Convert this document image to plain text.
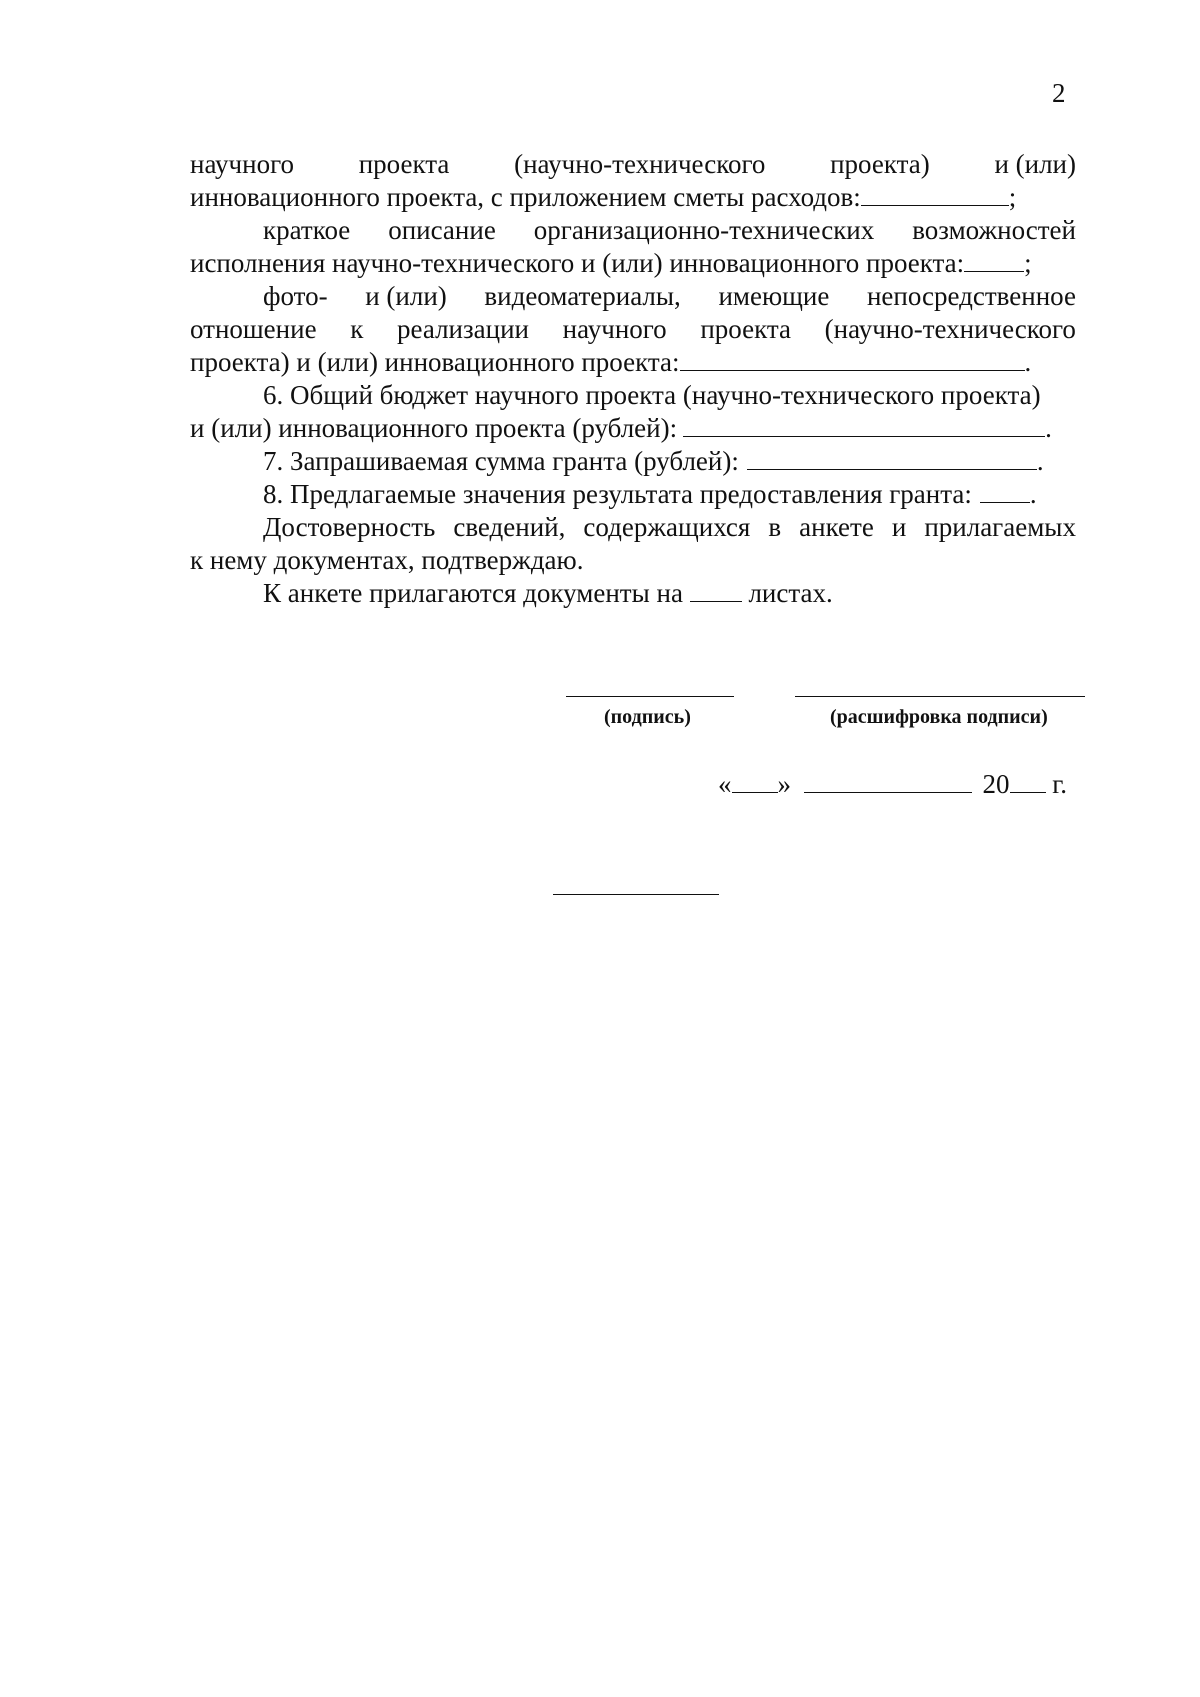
2
научного проекта (научно-технического проекта) и (или)
инновационного проекта, с приложением сметы расходов:	;
краткое описание организационно-технических возможностей
исполнения научно-технического и (или) инновационного проекта: ;
фото- и (или) видеоматериалы, имеющие непосредственное
отношение к реализации научного проекта (научно-технического
проекта) и (или) инновационного проекта:	.
6. Общий бюджет научного проекта (научно-технического проекта)
и (или) инновационного проекта (рублей):	.
7. Запрашиваемая сумма гранта (рублей):	.
8. Предлагаемые значения результата предоставления гранта: .
Достоверность сведений, содержащихся в анкете и прилагаемых
к нему документах, подтверждаю.
К анкете прилагаются документы на листах.
(подпись)	(расшифровка подписи)
« »	20 г.
